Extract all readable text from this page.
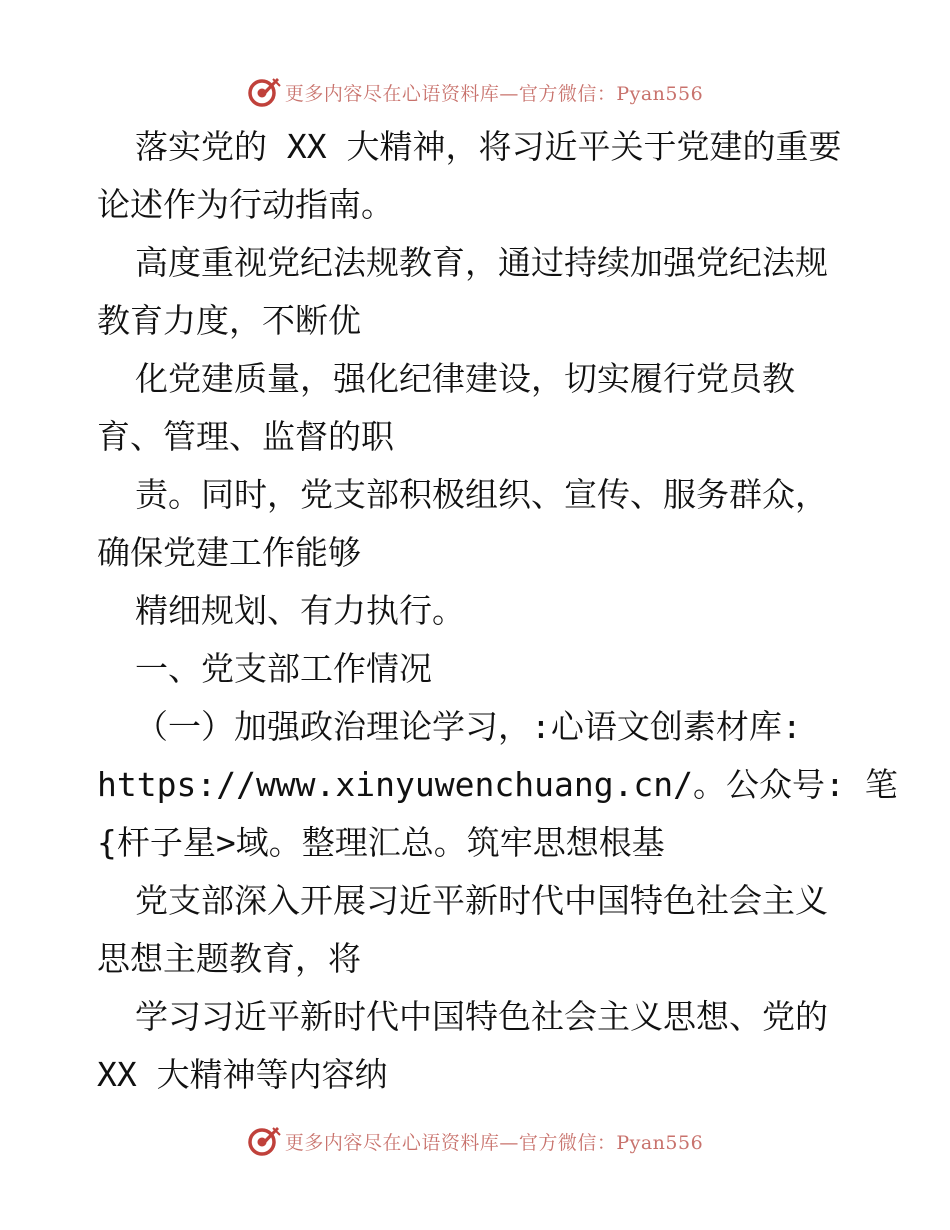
更多内容尽在心语资料库—官方微信：Pyan556
落实党的 XX 大精神，将习近平关于党建的重要
论述作为行动指南。
高度重视党纪法规教育，通过持续加强党纪法规
教育力度，不断优
化党建质量，强化纪律建设，切实履行党员教
育、管理、监督的职
责。同时，党支部积极组织、宣传、服务群众，
确保党建工作能够
精细规划、有力执行。
一、党支部工作情况
（一）加强政治理论学习，:心语文创素材库:
https://www.xinyuwenchuang.cn/。公众号: 笔
{杆子星>域。整理汇总。筑牢思想根基
党支部深入开展习近平新时代中国特色社会主义
思想主题教育，将
学习习近平新时代中国特色社会主义思想、党的
XX 大精神等内容纳
更多内容尽在心语资料库—官方微信：Pyan556
